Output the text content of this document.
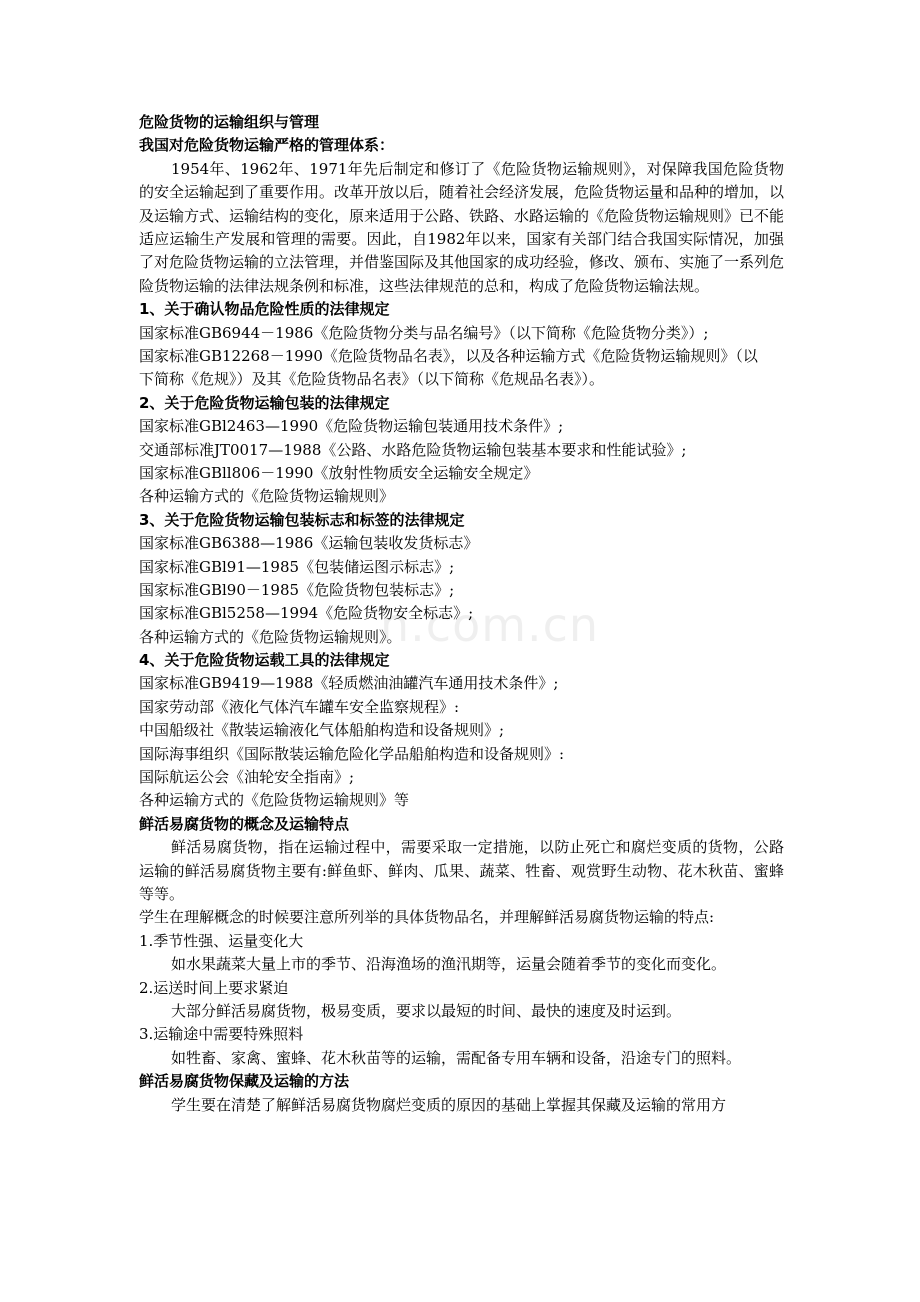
危险货物的运输组织与管理
我国对危险货物运输严格的管理体系：

1954年、1962年、1971年先后制定和修订了《危险货物运输规则》，对保障我国危险货物的安全运输起到了重要作用。改革开放以后，随着社会经济发展，危险货物运量和品种的增加，以及运输方式、运输结构的变化，原来适用于公路、铁路、水路运输的《危险货物运输规则》已不能适应运输生产发展和管理的需要。因此，自1982年以来，国家有关部门结合我国实际情况，加强了对危险货物运输的立法管理，并借鉴国际及其他国家的成功经验，修改、颁布、实施了一系列危险货物运输的法律法规条例和标准，这些法律规范的总和，构成了危险货物运输法规。

1、关于确认物品危险性质的法律规定
国家标准GB6944－1986《危险货物分类与品名编号》（以下简称《危险货物分类》）;
国家标准GB12268－1990《危险货物品名表》，以及各种运输方式《危险货物运输规则》（以
下简称《危规》）及其《危险货物品名表》（以下简称《危规品名表》）。
2、关于危险货物运输包装的法律规定
国家标准GBl2463—1990《危险货物运输包装通用技术条件》;
交通部标准JT0017—1988《公路、水路危险货物运输包装基本要求和性能试验》;
国家标准GBll806－1990《放射性物质安全运输安全规定》
各种运输方式的《危险货物运输规则》
3、关于危险货物运输包装标志和标签的法律规定
国家标准GB6388—1986《运输包装收发货标志》
国家标准GBl91—1985《包装储运图示标志》;
国家标准GBl90－1985《危险货物包装标志》;
国家标准GBl5258—1994《危险货物安全标志》;
各种运输方式的《危险货物运输规则》。
4、关于危险货物运载工具的法律规定
国家标准GB9419—1988《轻质燃油油罐汽车通用技术条件》;
国家劳动部《液化气体汽车罐车安全监察规程》:
中国船级社《散装运输液化气体船舶构造和设备规则》;
国际海事组织《国际散装运输危险化学品船舶构造和设备规则》:
国际航运公会《油轮安全指南》;
各种运输方式的《危险货物运输规则》等
鲜活易腐货物的概念及运输特点

鲜活易腐货物，指在运输过程中，需要采取一定措施，以防止死亡和腐烂变质的货物，公路运输的鲜活易腐货物主要有:鲜鱼虾、鲜肉、瓜果、蔬菜、牲畜、观赏野生动物、花木秋苗、蜜蜂等等。

学生在理解概念的时候要注意所列举的具体货物品名，并理解鲜活易腐货物运输的特点:
1.季节性强、运量变化大
如水果蔬菜大量上市的季节、沿海渔场的渔汛期等，运量会随着季节的变化而变化。
2.运送时间上要求紧迫
大部分鲜活易腐货物，极易变质，要求以最短的时间、最快的速度及时运到。
3.运输途中需要特殊照料
如牲畜、家禽、蜜蜂、花木秋苗等的运输，需配备专用车辆和设备，沿途专门的照料。
鲜活易腐货物保藏及运输的方法
学生要在清楚了解鲜活易腐货物腐烂变质的原因的基础上掌握其保藏及运输的常用方
n.com.cn
